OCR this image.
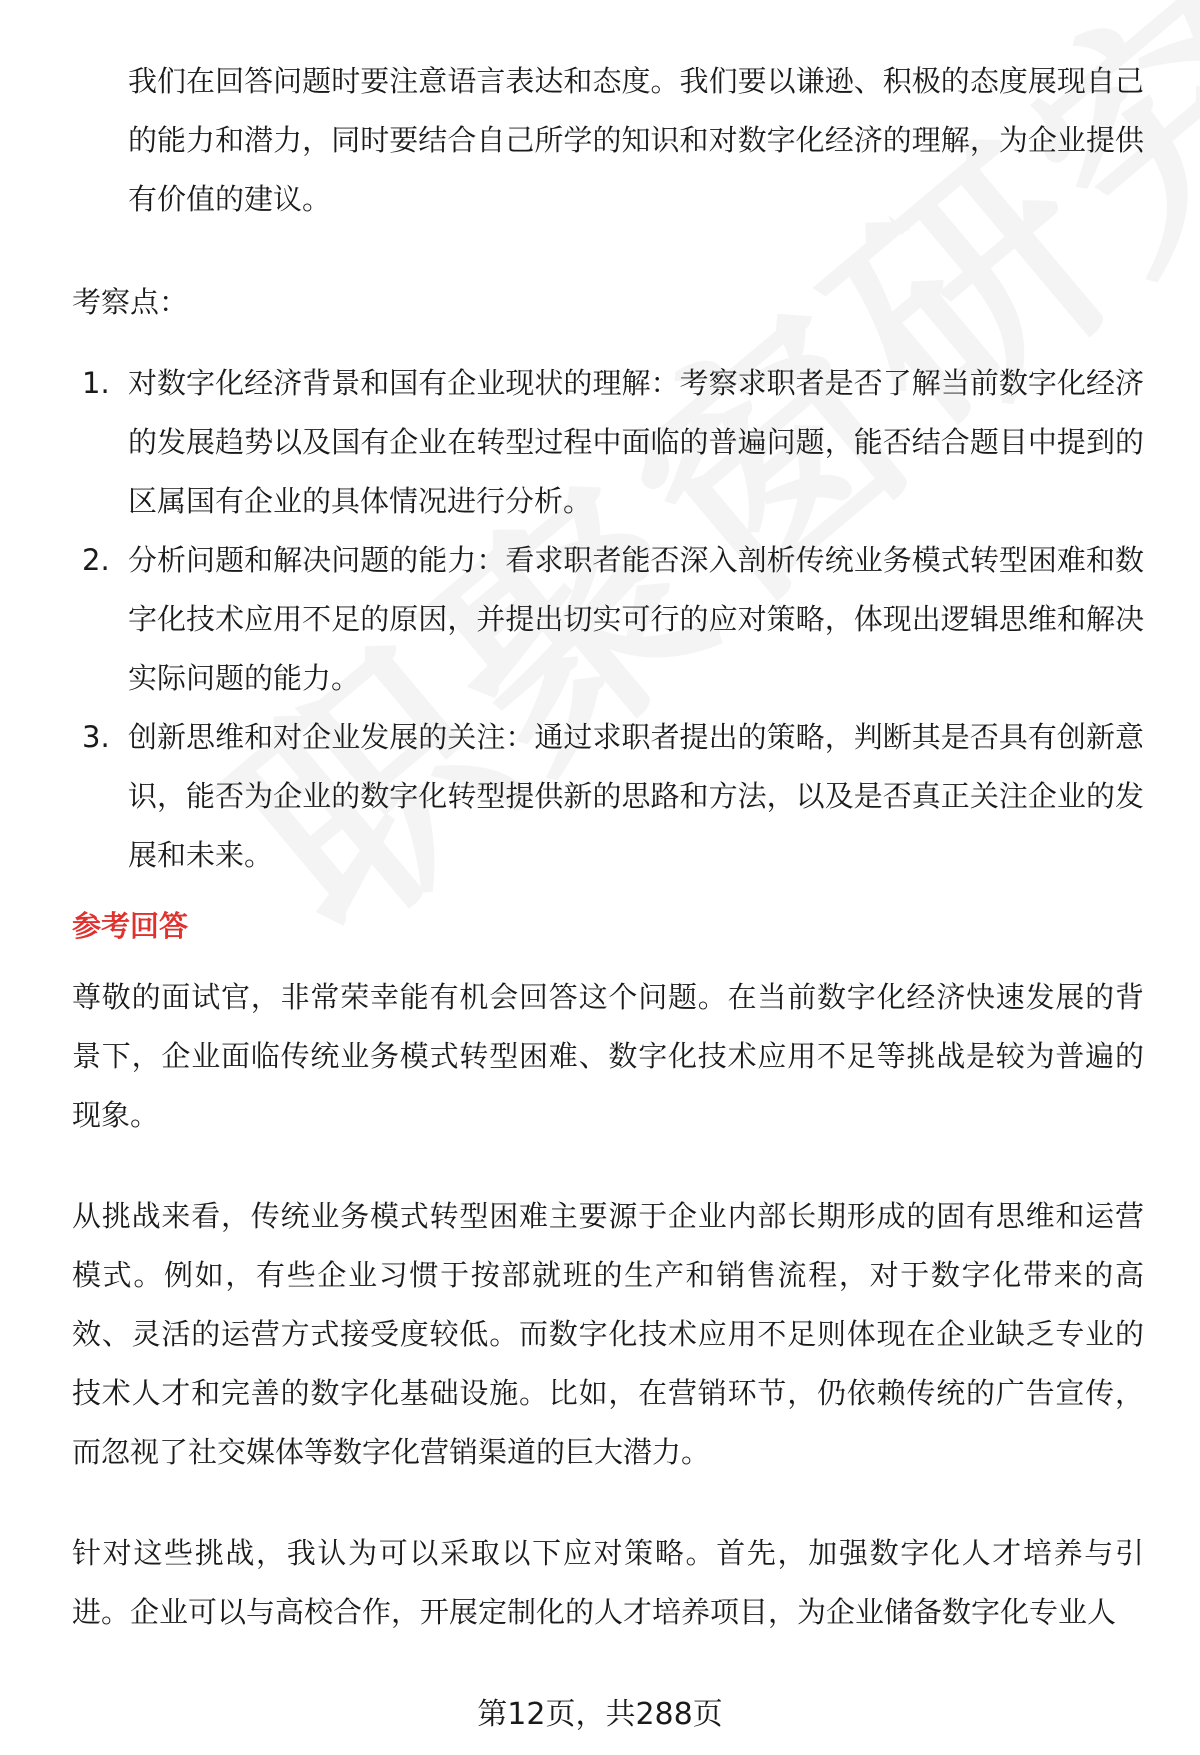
我们在回答问题时要注意语言表达和态度。我们要以谦逊、积极的态度展现自己的能力和潜力，同时要结合自己所学的知识和对数字化经济的理解，为企业提供有价值的建议。

考察点：

1. 对数字化经济背景和国有企业现状的理解：考察求职者是否了解当前数字化经济的发展趋势以及国有企业在转型过程中面临的普遍问题，能否结合题目中提到的区属国有企业的具体情况进行分析。
2. 分析问题和解决问题的能力：看求职者能否深入剖析传统业务模式转型困难和数字化技术应用不足的原因，并提出切实可行的应对策略，体现出逻辑思维和解决实际问题的能力。
3. 创新思维和对企业发展的关注：通过求职者提出的策略，判断其是否具有创新意识，能否为企业的数字化转型提供新的思路和方法，以及是否真正关注企业的发展和未来。

参考回答

尊敬的面试官，非常荣幸能有机会回答这个问题。在当前数字化经济快速发展的背景下，企业面临传统业务模式转型困难、数字化技术应用不足等挑战是较为普遍的现象。

从挑战来看，传统业务模式转型困难主要源于企业内部长期形成的固有思维和运营模式。例如，有些企业习惯于按部就班的生产和销售流程，对于数字化带来的高效、灵活的运营方式接受度较低。而数字化技术应用不足则体现在企业缺乏专业的技术人才和完善的数字化基础设施。比如，在营销环节，仍依赖传统的广告宣传，而忽视了社交媒体等数字化营销渠道的巨大潜力。

针对这些挑战，我认为可以采取以下应对策略。首先，加强数字化人才培养与引进。企业可以与高校合作，开展定制化的人才培养项目，为企业储备数字化专业人

第12页，共288页
